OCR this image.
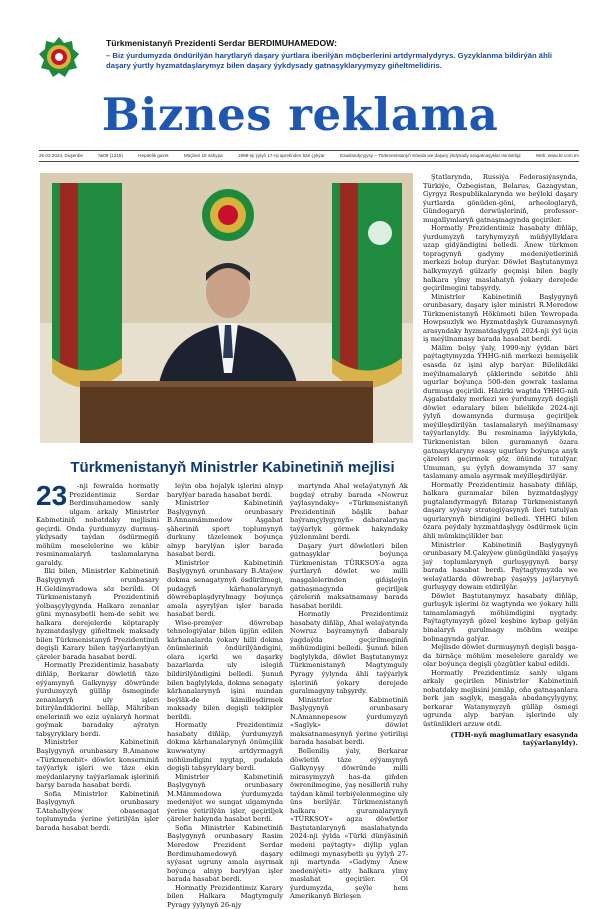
Türkmenistanyň Prezidenti Serdar BERDIMUHAMEDOW:
– Biz ýurdumyzda öndürilýän harytlaryň daşary ýurtlara iberilýän möçberlerini artdyrmalydyrys. Gyzyklanma bildirýän ähli daşary ýurtly hyzmatdaşlarymyz bilen daşary ýykdysady gatnaşyklaryymyzy giňeltmelidiris.
Biznes reklama
26.02.2024, Duşenbe	№09 (1316)	Hepdelik gazet	Möçberi 16 sahypa	1998-nji ýylyň 17-nji aprelinden bäri çykýar	Esaslandyryjysy – Türkmenistanyň Söwda we daşary ýkdysady aragatnaşyklar ministrligi	Web: www.br.com.tm
Türkmenistanyň Ministrler Kabinetiniň mejlisi

23 -nji fewralda hormatly Prezidentimiz Serdar Berdimuhamedow sanly ulgam arkaly Ministrler Kabinetiniň nobatdaky mejlisini geçirdi. Onda ýurdumyzy durmuş-ykdysady taýdan ösdürmegiň möhüm meselelerine we käbir resminamalaryň taslamalaryna garaldy.

Ilki bilen, Ministrler Kabinetiniň Başlygynyň orunbasary H.Geldimyradowa söz berildi. Ol Türkmenistanyň Prezidentiniň ýolbaşçylygynda Halkara zenanlar güni mynasybetli hem-de sebit we halkara derejelerde köptaraply hyzmatdaşlygy giňeltmek maksady bilen Türkmenistanyň Prezidentiniň degişli Karary bilen taýýarlanylýan çäreler barada hasabat berdi.

Hormatly Prezidentimiz hasabaty diňläp, Berkarar döwletiň täze eýýamynyň Galkynyşy döwründe ýurdumyzyň gülläp ösmeginde zenanlaryň uly işleri bitirýändiklerini belläp, Mähriban eneleriniň we eziz uýalaryň hormat goýmak baradaky aýratyn tabşyryklary berdi.

Ministrler Kabinetiniň Başlygynyň orunbasary B.Amanow «Türkmenebit» döwlet konserniniň taýýarlyk işleri we täze ekin meýdanlaryny taýýarlamak işleriniň barşy barada hasabat berdi.

Sofia Ministrler Kabinetiniň Başlygynyň orunbasary T.Atahallyýew obasenagat toplumynda ýerine ýetirilýän işler barada hasabat berdi.

leýin oba hojalyk işlerini alnyp barylýar barada hasabat berdi.

Ministrler Kabinetiniň Başlygynyň orunbasary B.Annamämmedow Aşgabat şäheriniň sport toplumynyň durkuny täzelemek boýunça alnyp barylýan işler barada hasabat berdi.

Ministrler Kabinetiniň Başlygynyň orunbasary B.Ataýew dokma senagatynyň ösdürilmegi, pudagyň kärhanalarynyň döwrebaplaşdyrylmagy boýunça amala aşyrylýan işler barada hasabat berdi.

Wise-premýer döwrebap tehnologiýalar bilen üpjün edilen kärhanalarda ýokary hilli dokma önümleriniň öndürilýändigini, olara içerki we daşarky bazarlarda uly islegiň bildirilýändigini belledi. Şunuň bilen baglylykda, dokma senagaty kärhanalarynyň işini mundan beýläk-de kämilleşdirmek maksady bilen degişli teklipler berildi.

Hormatly Prezidentimiz hasabaty diňläp, ýurdumyzyň dokma kärhanalarynyň önümçilik kuwwatyny artdyrmagyň möhümdigini nygtap, pudakda degişli tabşyryklary berdi.

Ministrler Kabinetiniň Başlygynyň orunbasary M.Mämmedowa ýurdumyzda medeniýet we sungat ulgamynda ýerine ýetirilýän işler, geçiriljek çäreler hakynda hasabat berdi.

Sofia Ministrler Kabinetiniň Başlygynyň orunbasary Rasim Meredow Prezident Serdar Berdimuhamedowyň daşary syýasat ugruny amala aşyrmak boýunça alnyp barylýan işler barada hasabat berdi.

Hormatly Prezidentimiz Karary bilen Halkara Magtymguly Pyragy ýylynyň 26-njy

martynda Ahal welaýatynyň Ak bugdaý etraby barada «Nowruz ýaýlasyndaky» «Türkmenistanyň Prezidentiniň bäşlik bahar baýramçylygynyň» dabaralaryna taýýarlyk görmek hakyndaky ýüzlenmäni berdi.

Daşary ýurt döwletleri bilen gatnaşyklar boýunça Türkmenistan TÜRKSOY-a agza ýurtlaryň döwlet we milli maşgalelerinden giňişleýin gatnaşmagynda geçiriljek çäreleriň maksatnamasy barada hasabat berildi.

Hormatly Prezidentimiz hasabaty diňläp, Ahal welaýatynda Nowruz baýramynyň dabaraly ýagdaýda geçirilmeginiň möhümdigini belledi. Şunuň bilen baglylykda, döwlet Baştutanymyz Türkmenistanyň Magtymguly Pyragy ýylynda ähli taýýarlyk işleriniň ýokary derejede guralmagyny tabşyrdy.

Ministrler Kabinetiniň Başlygynyň orunbasary N.Amannepesow ýurdumyzyň «Saglyk» döwlet maksatnamasynyň ýerine ýetirilişi barada hasabat berdi.

Belleniliş ýaly, Berkarar döwletiň täze eýýamynyň Galkynyşy döwründe milli mirasymyzyň has-da giňden öwrenilmegine, ýaş nesilleriň ruhy taýdan kämil terbiýelenmegine uly üns berilýär. Türkmenistanyň halkara guramalarynyň «TÜRKSOY» agza döwletler Baştutanlarynyň maslahatynda 2024-nji ýylda «Türki dünýäsiniň medeni paýtagty» diýlip yglan edilmegi mynasybetli şu ýylyň 27-nji martynda «Gadymy Änew medeniýeti» atly halkara ylmy maslahat geçiriler. Ol ýurdumyzda, şeýle hem Amerikanyň Birleşen

Ştatlarynda, Russiýa Federasiýasynda, Türkiýe, Özbegistan, Belarus, Gazagystan, Gyrgyz Respublikalarynda we beýleki daşary ýurtlarda gönüden-göni, arheologlaryň, Gündogaryň derwüşleriniň, professor-mugallymlaryň gatnaşmagynda geçiriler.

Hormatly Prezidentimiz hasabaty diňläp, ýurdumyzyň taryhymyzyň müňýyllyklara uzap gidýändigini belledi. Änew türkmen topragynyň gadymy medeniýetleriniň merkezi bolup durýar. Döwlet Baştutanymyz halkymyzyň gülzarly geçmişi bilen bagly halkara ylmy maslahatyň ýokary derejede geçirilmegini tabşyrdy.

Ministrler Kabinetiniň Başlygynyň orunbasary, daşary işler ministri R.Meredow Türkmenistanyň Hökümeti bilen Ýewropada Howpsuzlyk we Hyzmatdaşlyk Guramasynyň arasyndaky hyzmatdaşlygyň 2024-nji ýyl üçin iş meýilnamasy barada hasabat berdi.

Mälim bolşy ýaly, 1999-njy ýyldan bäri paýtagtymyzda ÝHHG-niň merkezi hemişelik esasda öz işini alyp barýar. Bilelikdäki meýilnamalaryň çäklerinde sebitde ähli ugurlar boýunça 500-den gowrak taslama durmuşa geçirildi. Häzirki wagtda ÝHHG-niň Aşgabatdaky merkezi we ýurdumyzyň degişli döwlet edaralary bilen bilelikde 2024-nji ýylyň dowamynda durmuşa geçiriljek meýilleşdirilýän taslamalaryň meýilnamasy taýýarlanyldy. Bu resminama laýyklykda, Türkmenistan bilen guramanyň özara gatnaşyklaryny esasy ugurlary boýunça anyk çäreleri geçirmek göz öňünde tutulýar. Umuman, şu ýylyň dowamynda 37 sany taslamany amala aşyrmak meýilleşdirilýär.

Hormatly Prezidentimiz hasabaty diňläp, halkara guramalar bilen hyzmatdaşlygy pugtalandyrmagyň Bitarap Türkmenistanyň daşary syýasy strategiýasynyň ileri tutulýan ugurlarynyň biridigini belledi. ÝHHG bilen özara peýdaly hyzmatdaşlygy ösdürmek üçin ähli mümkinçilikler bar.

Ministrler Kabinetiniň Başlygynyň orunbasary M.Çakyýew günügündäki ýaşaýyş jaý toplumlarynyň gurluşygynyň barşy barada hasabat berdi. Paýtagtymyzda we welaýatlarda döwrebap ýaşaýyş jaýlarynyň gurluşygy dowam etdirilýär.

Döwlet Baştutanymyz hasabaty diňläp, gurluşyk işlerini öz wagtynda we ýokary hilli tamamlamagyň möhümdigini nygtady. Paýtagtymyzyň gözel keşbine kybap gelýän binalaryň gurulmagy möhüm wezipe bolmagynda galýar.

Mejlisde döwlet durmuşynyň degişli başga-da birnäçe möhüm meselelere garaldy we olar boýunça degişli çözgütler kabul edildi.

Hormatly Prezidentimiz sanly ulgam arkaly geçirilen Ministrler Kabinetiniň nobatdaky mejlisini jemläp, oňa gatnaşanlara berk jan saglyk, maşgala abadançylygyny, berkarar Watanymyzyň gülläp ösmegi ugrunda alyp barýan işlerinde uly üstünlikleri arzuw etdi.

(TDH-nyň maglumatlary esasynda taýýarlanyldy).
